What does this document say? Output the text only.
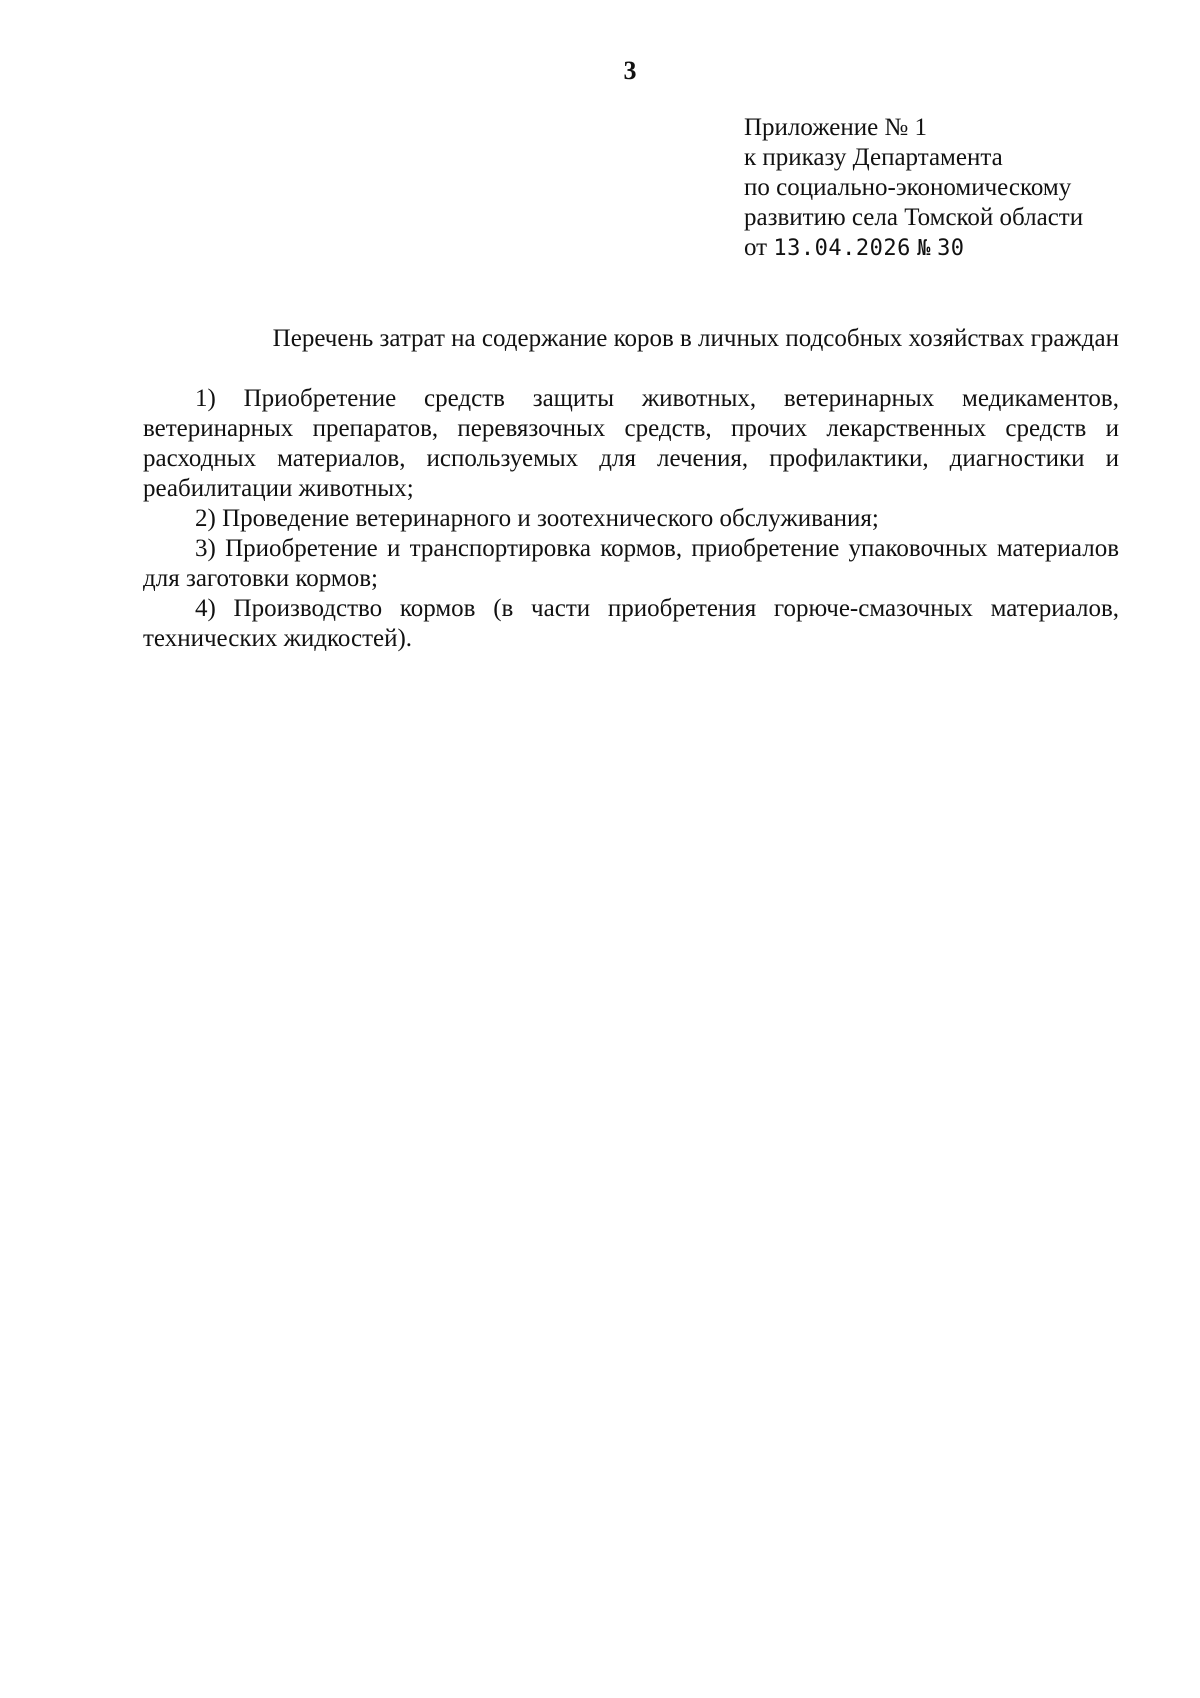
3
Приложение № 1
к приказу Департамента
по социально-экономическому
развитию села Томской области
от 13.04.2026 № 30
Перечень затрат на содержание коров в личных подсобных хозяйствах граждан

1) Приобретение средств защиты животных, ветеринарных медикаментов, ветеринарных препаратов, перевязочных средств, прочих лекарственных средств и расходных материалов, используемых для лечения, профилактики, диагностики и реабилитации животных;

2) Проведение ветеринарного и зоотехнического обслуживания;

3) Приобретение и транспортировка кормов, приобретение упаковочных материалов для заготовки кормов;

4) Производство кормов (в части приобретения горюче-смазочных материалов, технических жидкостей).
